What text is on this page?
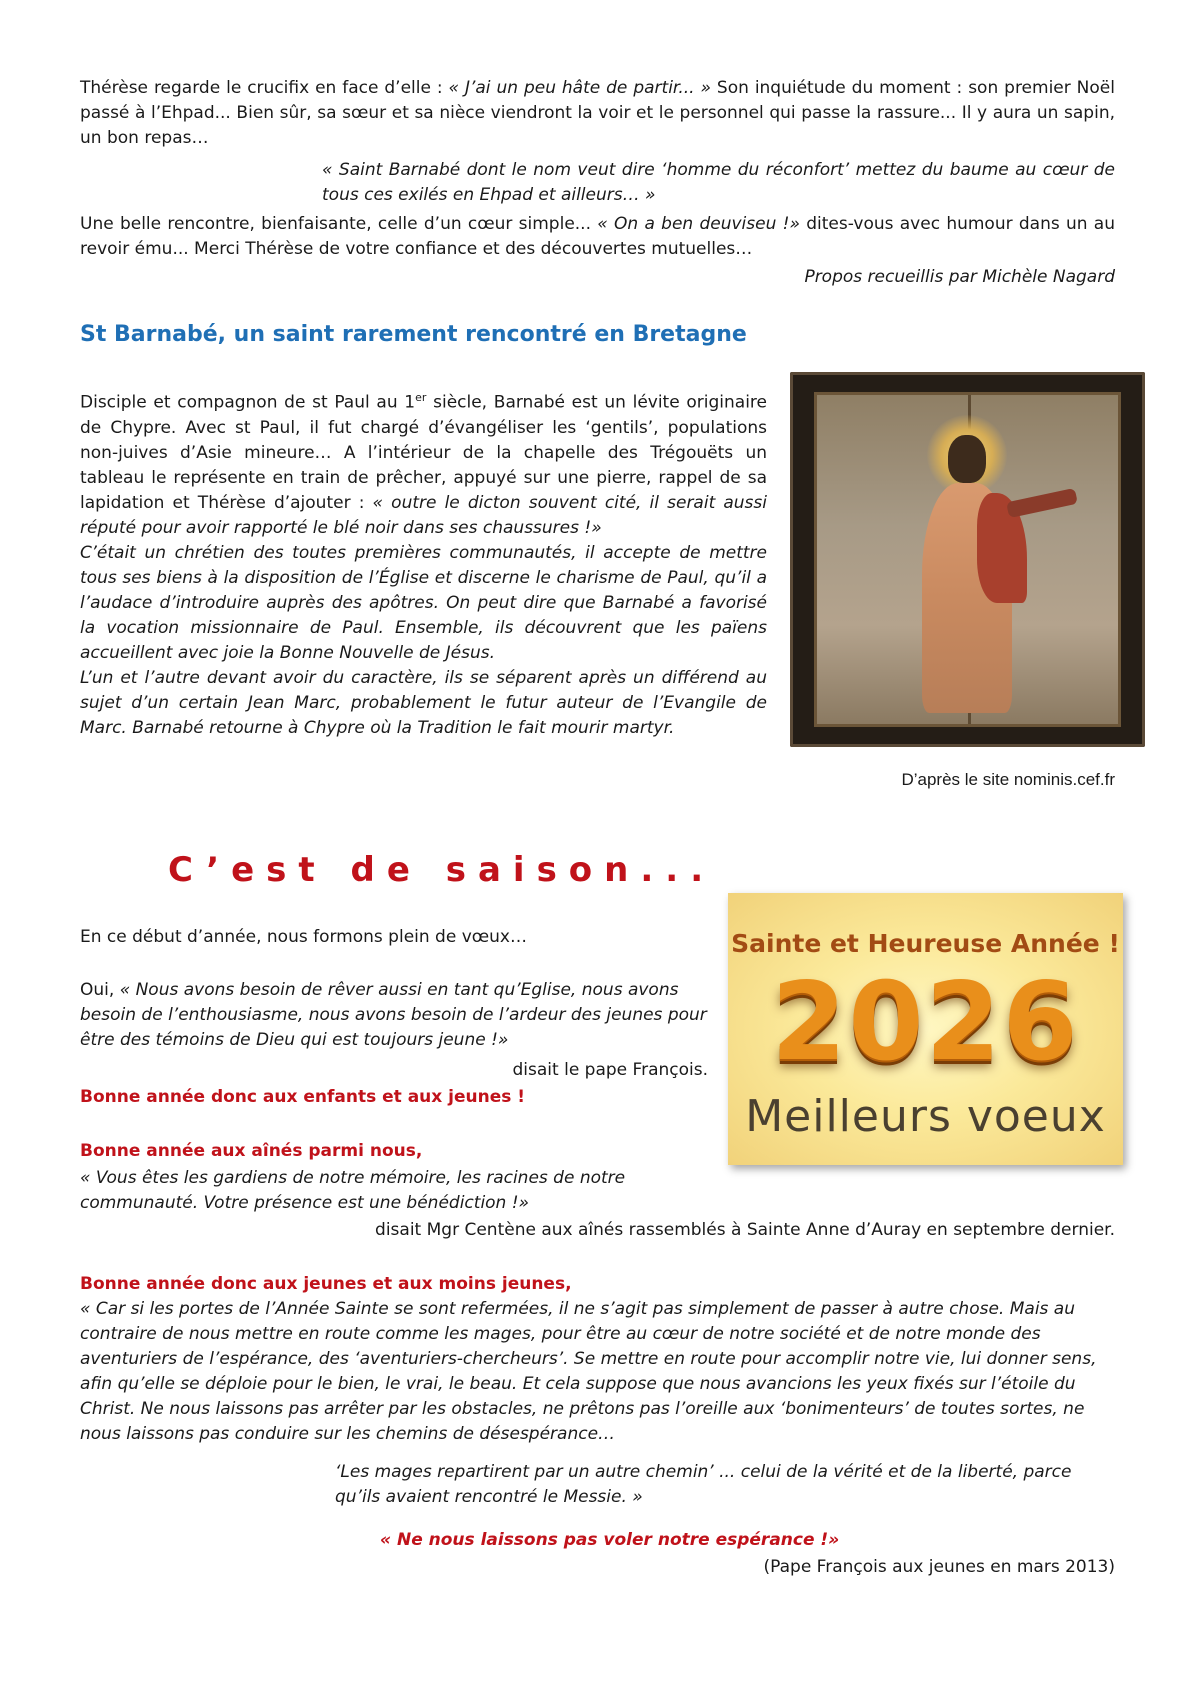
Thérèse regarde le crucifix en face d’elle : « J’ai un peu hâte de partir... » Son inquiétude du moment : son premier Noël passé à l’Ehpad... Bien sûr, sa sœur et sa nièce viendront la voir et le personnel qui passe la rassure... Il y aura un sapin, un bon repas…
« Saint Barnabé dont le nom veut dire ‘homme du réconfort’ mettez du baume au cœur de tous ces exilés en Ehpad et ailleurs… »
Une belle rencontre, bienfaisante, celle d’un cœur simple... « On a ben deuviseu !» dites-vous avec humour dans un au revoir ému... Merci Thérèse de votre confiance et des découvertes mutuelles…
Propos recueillis par Michèle Nagard
St Barnabé, un saint rarement rencontré en Bretagne
Disciple et compagnon de st Paul au 1er siècle, Barnabé est un lévite originaire de Chypre. Avec st Paul, il fut chargé d’évangéliser les ‘gentils’, populations non-juives d’Asie mineure… A l’intérieur de la chapelle des Trégouëts un tableau le représente en train de prêcher, appuyé sur une pierre, rappel de sa lapidation et Thérèse d’ajouter : « outre le dicton souvent cité, il serait aussi réputé pour avoir rapporté le blé noir dans ses chaussures !»
C’était un chrétien des toutes premières communautés, il accepte de mettre tous ses biens à la disposition de l’Église et discerne le charisme de Paul, qu’il a l’audace d’introduire auprès des apôtres. On peut dire que Barnabé a favorisé la vocation missionnaire de Paul. Ensemble, ils découvrent que les païens accueillent avec joie la Bonne Nouvelle de Jésus.
L’un et l’autre devant avoir du caractère, ils se séparent après un différend au sujet d’un certain Jean Marc, probablement le futur auteur de l’Evangile de Marc. Barnabé retourne à Chypre où la Tradition le fait mourir martyr.
D’après le site nominis.cef.fr
C’est de saison...
En ce début d’année, nous formons plein de vœux…
Oui, « Nous avons besoin de rêver aussi en tant qu’Eglise, nous avons besoin de l’enthousiasme, nous avons besoin de l’ardeur des jeunes pour être des témoins de Dieu qui est toujours jeune !»
disait le pape François.
Bonne année donc aux enfants et aux jeunes !
Bonne année aux aînés parmi nous,
« Vous êtes les gardiens de notre mémoire, les racines de notre communauté. Votre présence est une bénédiction !»
disait Mgr Centène aux aînés rassemblés à Sainte Anne d’Auray en septembre dernier.
Bonne année donc aux jeunes et aux moins jeunes,
« Car si les portes de l’Année Sainte se sont refermées, il ne s’agit pas simplement de passer à autre chose. Mais au contraire de nous mettre en route comme les mages, pour être au cœur de notre société et de notre monde des aventuriers de l’espérance, des ‘aventuriers-chercheurs’. Se mettre en route pour accomplir notre vie, lui donner sens, afin qu’elle se déploie pour le bien, le vrai, le beau. Et cela suppose que nous avancions les yeux fixés sur l’étoile du Christ. Ne nous laissons pas arrêter par les obstacles, ne prêtons pas l’oreille aux ‘bonimenteurs’ de toutes sortes, ne nous laissons pas conduire sur les chemins de désespérance…
‘Les mages repartirent par un autre chemin’ ... celui de la vérité et de la liberté, parce qu’ils avaient rencontré le Messie. »
« Ne nous laissons pas voler notre espérance !»
(Pape François aux jeunes en mars 2013)
Sainte et Heureuse Année !
2026
Meilleurs voeux
